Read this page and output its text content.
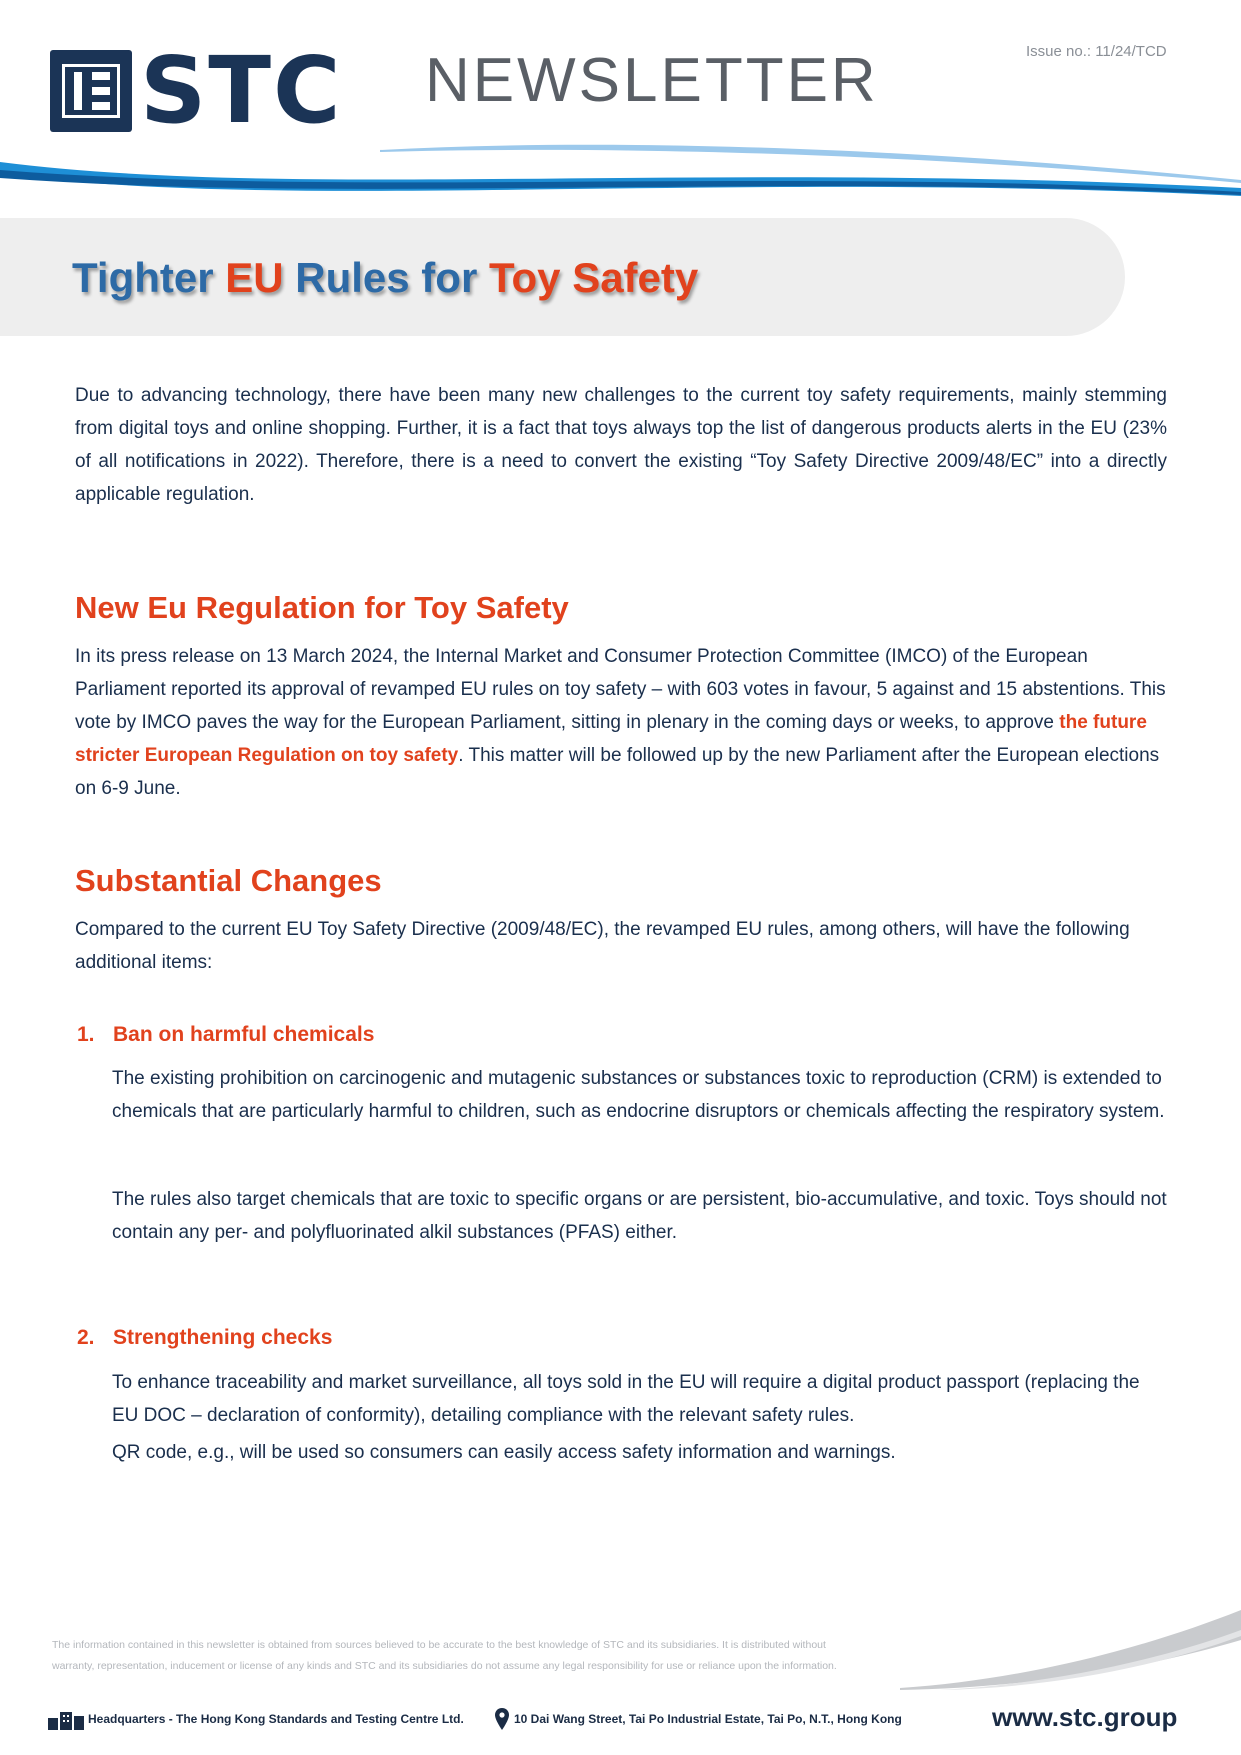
STC NEWSLETTER	Issue no.: 11/24/TCD
Tighter EU Rules for Toy Safety
Due to advancing technology, there have been many new challenges to the current toy safety requirements, mainly stemming from digital toys and online shopping. Further, it is a fact that toys always top the list of dangerous products alerts in the EU (23% of all notifications in 2022). Therefore, there is a need to convert the existing “Toy Safety Directive 2009/48/EC” into a directly applicable regulation.
New Eu Regulation for Toy Safety
In its press release on 13 March 2024, the Internal Market and Consumer Protection Committee (IMCO) of the European Parliament reported its approval of revamped EU rules on toy safety – with 603 votes in favour, 5 against and 15 abstentions. This vote by IMCO paves the way for the European Parliament, sitting in plenary in the coming days or weeks, to approve the future stricter European Regulation on toy safety. This matter will be followed up by the new Parliament after the European elections on 6-9 June.
Substantial Changes
Compared to the current EU Toy Safety Directive (2009/48/EC), the revamped EU rules, among others, will have the following additional items:
1. Ban on harmful chemicals
The existing prohibition on carcinogenic and mutagenic substances or substances toxic to reproduction (CRM) is extended to chemicals that are particularly harmful to children, such as endocrine disruptors or chemicals affecting the respiratory system.
The rules also target chemicals that are toxic to specific organs or are persistent, bio-accumulative, and toxic. Toys should not contain any per- and polyfluorinated alkil substances (PFAS) either.
2. Strengthening checks
To enhance traceability and market surveillance, all toys sold in the EU will require a digital product passport (replacing the EU DOC – declaration of conformity), detailing compliance with the relevant safety rules.
QR code, e.g., will be used so consumers can easily access safety information and warnings.
The information contained in this newsletter is obtained from sources believed to be accurate to the best knowledge of STC and its subsidiaries. It is distributed without
warranty, representation, inducement or license of any kinds and STC and its subsidiaries do not assume any legal responsibility for use or reliance upon the information.
Headquarters - The Hong Kong Standards and Testing Centre Ltd.	10 Dai Wang Street, Tai Po Industrial Estate, Tai Po, N.T., Hong Kong	www.stc.group
